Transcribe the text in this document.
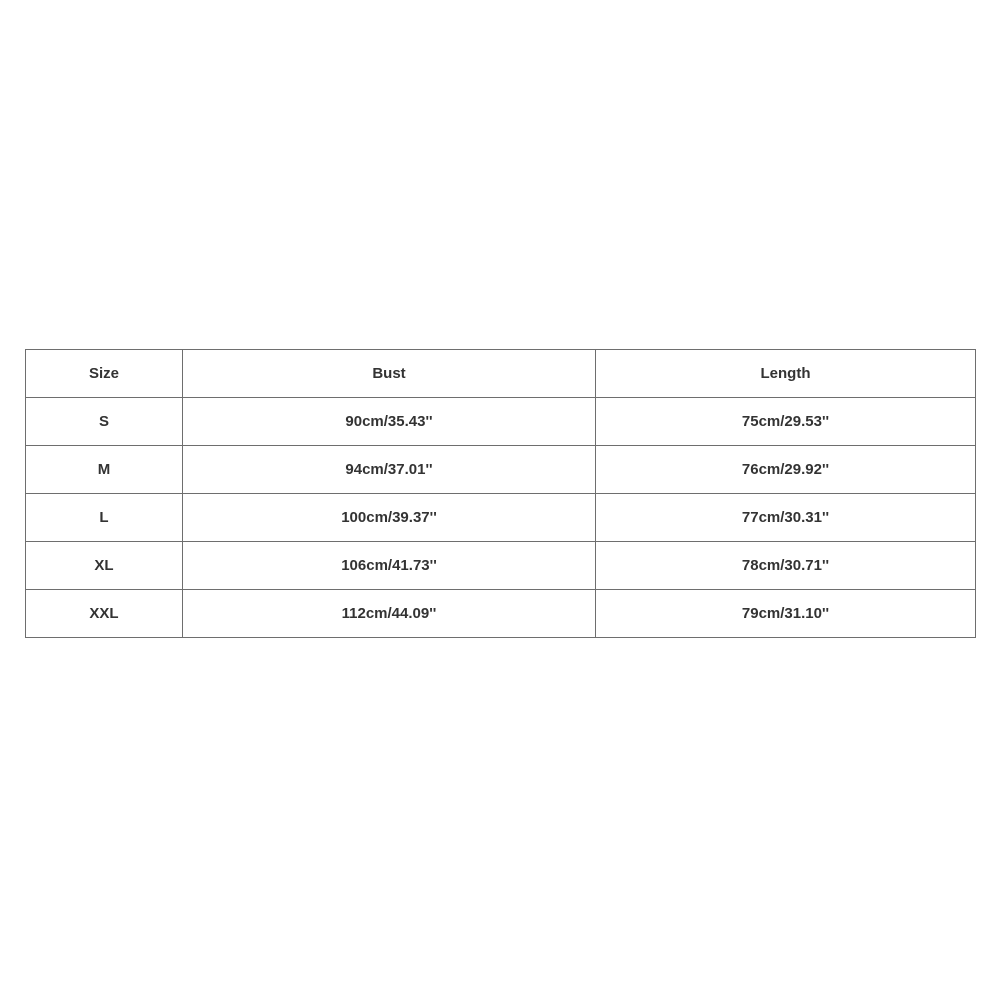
Size	Bust	Length
S	90cm/35.43''	75cm/29.53''
M	94cm/37.01''	76cm/29.92''
L	100cm/39.37''	77cm/30.31''
XL	106cm/41.73''	78cm/30.71''
XXL	112cm/44.09''	79cm/31.10''
